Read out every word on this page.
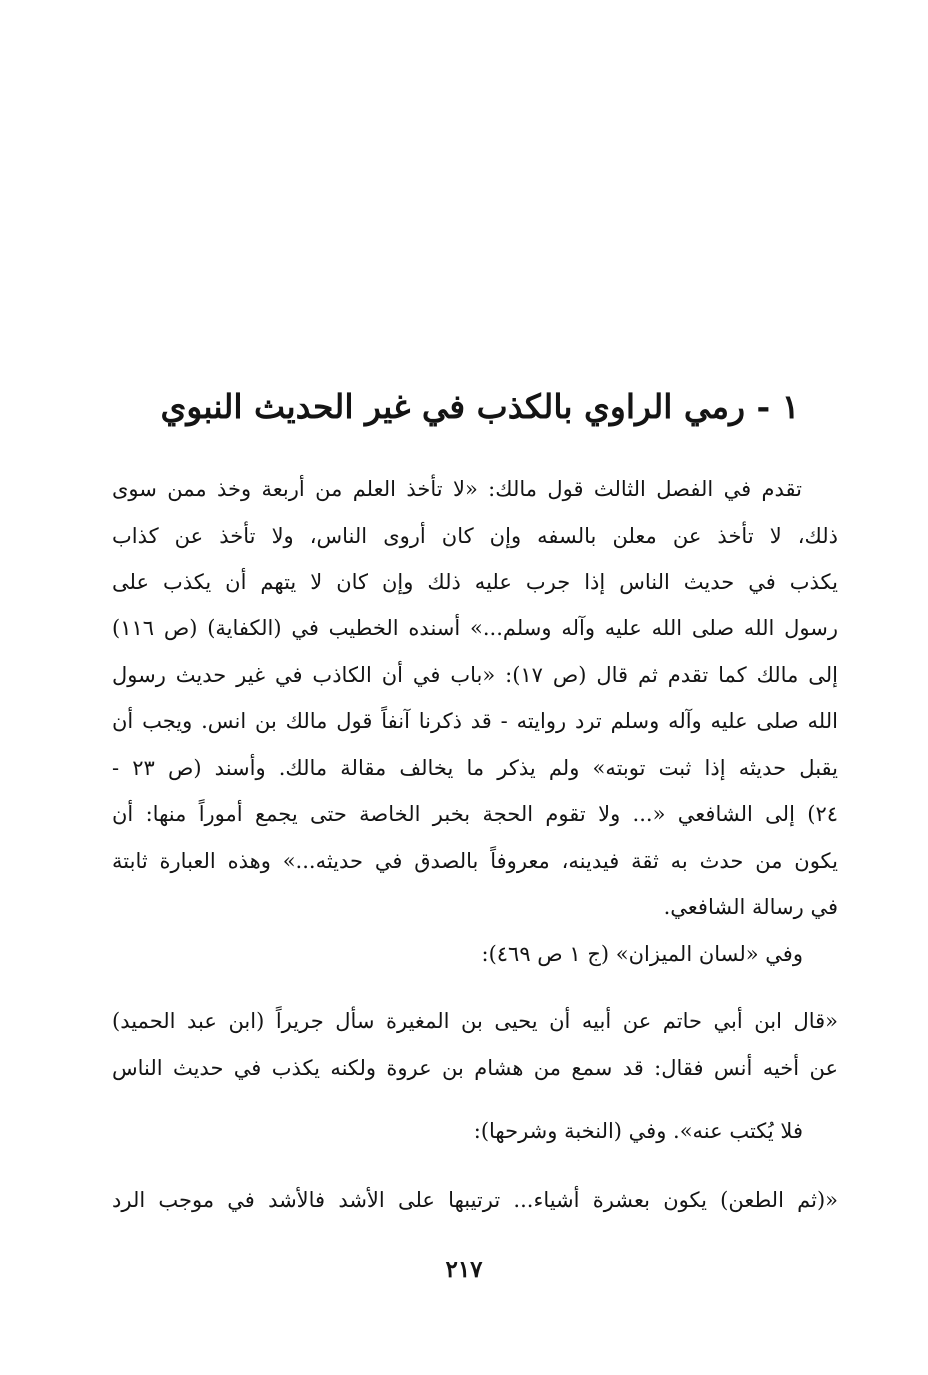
١ - رمي الراوي بالكذب في غير الحديث النبوي
تقدم في الفصل الثالث قول مالك: «لا تأخذ العلم من أربعة وخذ ممن سوى
ذلك، لا تأخذ عن معلن بالسفه وإن كان أروى الناس، ولا تأخذ عن كذاب
يكذب في حديث الناس إذا جرب عليه ذلك وإن كان لا يتهم أن يكذب على
رسول الله صلى الله عليه وآله وسلم...» أسنده الخطيب في (الكفاية) (ص ١١٦)
إلى مالك كما تقدم ثم قال (ص ١٧): «باب في أن الكاذب في غير حديث رسول
الله صلى عليه وآله وسلم ترد روايته - قد ذكرنا آنفاً قول مالك بن انس. ويجب أن
يقبل حديثه إذا ثبت توبته» ولم يذكر ما يخالف مقالة مالك. وأسند (ص ٢٣ -
٢٤) إلى الشافعي «... ولا تقوم الحجة بخبر الخاصة حتى يجمع أموراً منها: أن
يكون من حدث به ثقة فيدينه، معروفاً بالصدق في حديثه...» وهذه العبارة ثابتة
في رسالة الشافعي.
وفي «لسان الميزان» (ج ١ ص ٤٦٩):
«قال ابن أبي حاتم عن أبيه أن يحيى بن المغيرة سأل جريراً (ابن عبد الحميد)
عن أخيه أنس فقال: قد سمع من هشام بن عروة ولكنه يكذب في حديث الناس
فلا يُكتب عنه». وفي (النخبة وشرحها):
«(ثم الطعن) يكون بعشرة أشياء... ترتيبها على الأشد فالأشد في موجب الرد
٢١٧
